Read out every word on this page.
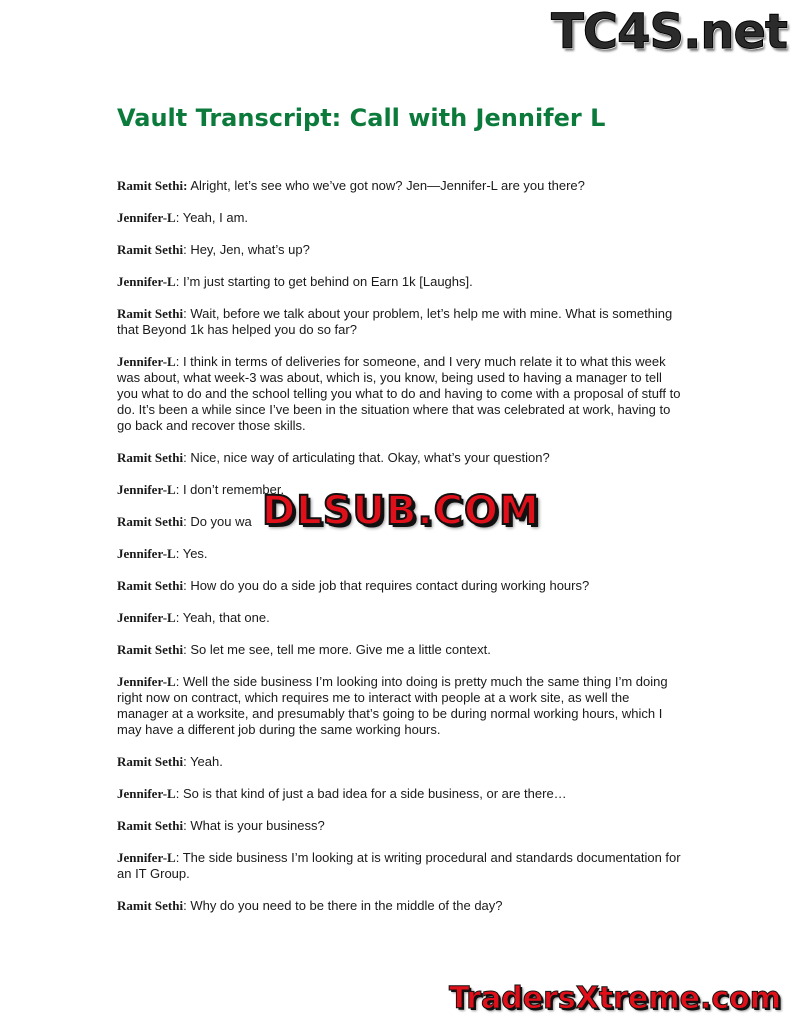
TC4S.net
Vault Transcript: Call with Jennifer L

Ramit Sethi: Alright, let’s see who we’ve got now? Jen—Jennifer-L are you there?

Jennifer-L: Yeah, I am.

Ramit Sethi: Hey, Jen, what’s up?

Jennifer-L: I’m just starting to get behind on Earn 1k [Laughs].

Ramit Sethi: Wait, before we talk about your problem, let’s help me with mine. What is something that Beyond 1k has helped you do so far?

Jennifer-L: I think in terms of deliveries for someone, and I very much relate it to what this week was about, what week-3 was about, which is, you know, being used to having a manager to tell you what to do and the school telling you what to do and having to come with a proposal of stuff to do. It’s been a while since I’ve been in the situation where that was celebrated at work, having to go back and recover those skills.

Ramit Sethi: Nice, nice way of articulating that. Okay, what’s your question?

Jennifer-L: I don’t remember.

Ramit Sethi: Do you wa

Jennifer-L: Yes.

Ramit Sethi: How do you do a side job that requires contact during working hours?

Jennifer-L: Yeah, that one.

Ramit Sethi: So let me see, tell me more. Give me a little context.

Jennifer-L: Well the side business I’m looking into doing is pretty much the same thing I’m doing right now on contract, which requires me to interact with people at a work site, as well the manager at a worksite, and presumably that’s going to be during normal working hours, which I may have a different job during the same working hours.

Ramit Sethi: Yeah.

Jennifer-L: So is that kind of just a bad idea for a side business, or are there…

Ramit Sethi: What is your business?

Jennifer-L: The side business I’m looking at is writing procedural and standards documentation for an IT Group.

Ramit Sethi: Why do you need to be there in the middle of the day?

DLSUB.COM
TradersXtreme.com
